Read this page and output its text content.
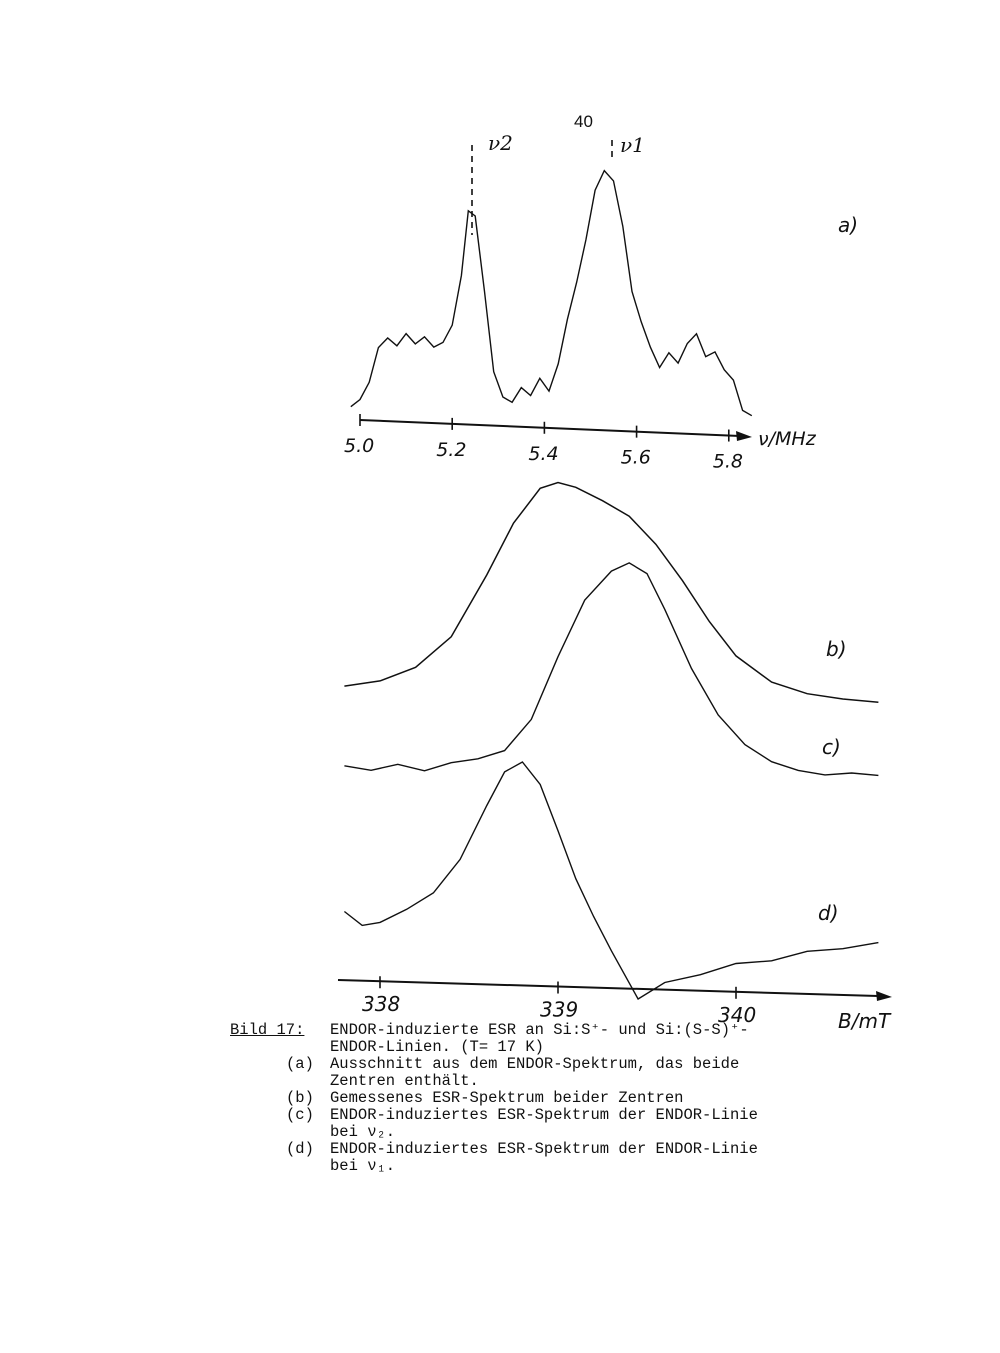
40
ν2	ν1
a)
ν/MHz
5.0	5.2	5.4	5.6	5.8
b)
c)
d)
B/mT
338	339	340
Bild 17:	ENDOR-induzierte ESR an Si:S⁺- und Si:(S-S)⁺-
ENDOR-Linien. (T= 17 K)
(a)	Ausschnitt aus dem ENDOR-Spektrum, das beide
Zentren enthält.
(b)	Gemessenes ESR-Spektrum beider Zentren
(c)	ENDOR-induziertes ESR-Spektrum der ENDOR-Linie
bei ν₂.
(d)	ENDOR-induziertes ESR-Spektrum der ENDOR-Linie
bei ν₁.
